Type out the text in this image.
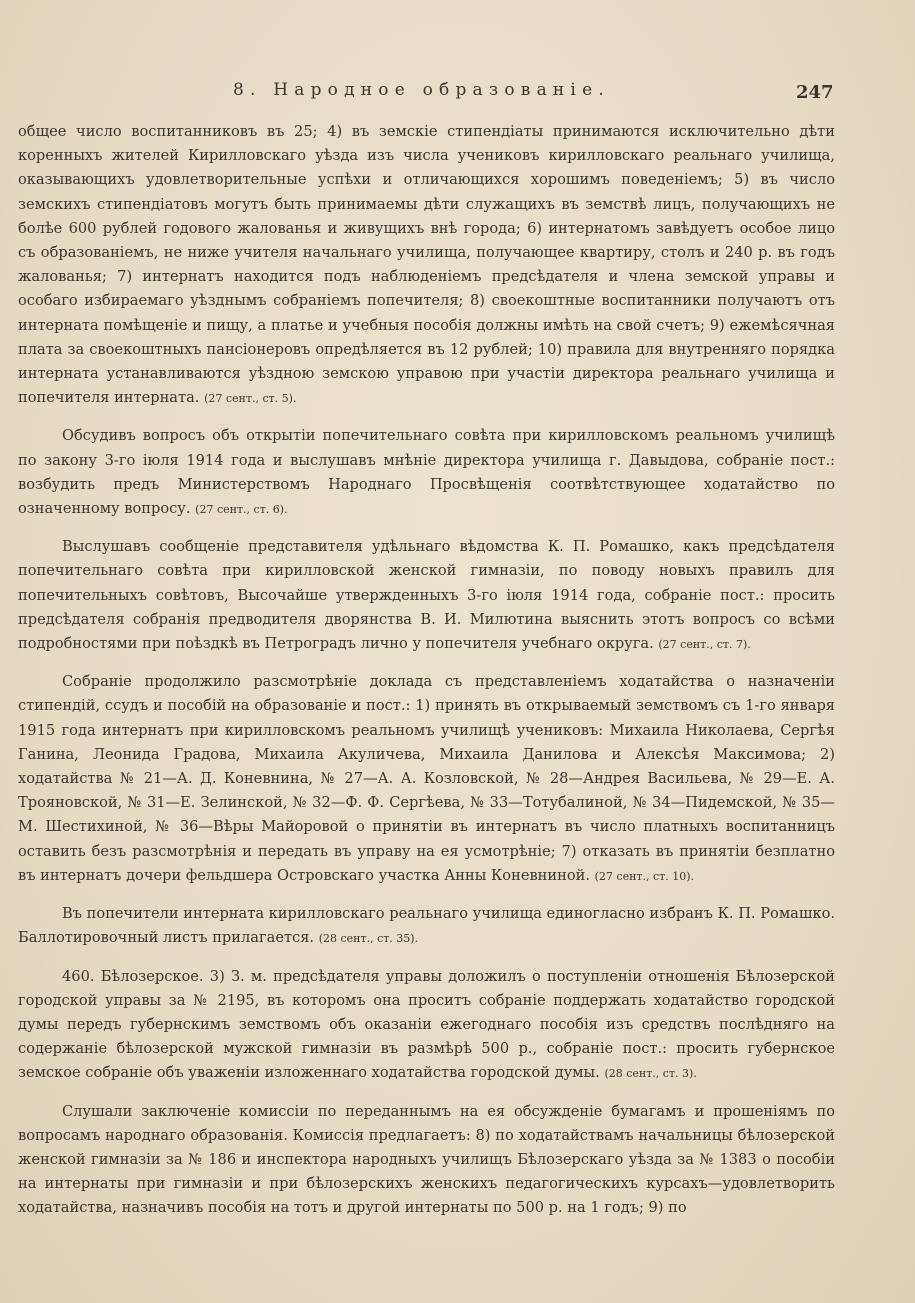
8. Народное образованіе.	247

общее число воспитанниковъ въ 25; 4) въ земскіе стипендіаты принимаются исключительно дѣти коренныхъ жителей Кирилловскаго уѣзда изъ числа учениковъ кирилловскаго реальнаго училища, оказывающихъ удовлетворительные успѣхи и отличающихся хорошимъ поведеніемъ; 5) въ число земскихъ стипендіатовъ могутъ быть принимаемы дѣти служащихъ въ земствѣ лицъ, получающихъ не болѣе 600 рублей годового жалованья и живущихъ внѣ города; 6) интернатомъ завѣдуетъ особое лицо съ образованіемъ, не ниже учителя начальнаго училища, получающее квартиру, столъ и 240 р. въ годъ жалованья; 7) интернатъ находится подъ наблюденіемъ предсѣдателя и члена земской управы и особаго избираемаго уѣзднымъ собраніемъ попечителя; 8) своекоштные воспитанники получаютъ отъ интерната помѣщеніе и пищу, а платье и учебныя пособія должны имѣть на свой счетъ; 9) ежемѣсячная плата за своекоштныхъ пансіонеровъ опредѣляется въ 12 рублей; 10) правила для внутренняго порядка интерната устанавливаются уѣздною земскою управою при участіи директора реальнаго училища и попечителя интерната. (27 сент., ст. 5).

Обсудивъ вопросъ объ открытіи попечительнаго совѣта при кирилловскомъ реальномъ училищѣ по закону 3-го іюля 1914 года и выслушавъ мнѣніе директора училища г. Давыдова, собраніе пост.: возбудить предъ Министерствомъ Народнаго Просвѣщенія соотвѣтствующее ходатайство по означенному вопросу. (27 сент., ст. 6).

Выслушавъ сообщеніе представителя удѣльнаго вѣдомства К. П. Ромашко, какъ предсѣдателя попечительнаго совѣта при кирилловской женской гимназіи, по поводу новыхъ правилъ для попечительныхъ совѣтовъ, Высочайше утвержденныхъ 3-го іюля 1914 года, собраніе пост.: просить предсѣдателя собранія предводителя дворянства В. И. Милютина выяснить этотъ вопросъ со всѣми подробностями при поѣздкѣ въ Петроградъ лично у попечителя учебнаго округа. (27 сент., ст. 7).

Собраніе продолжило разсмотрѣніе доклада съ представленіемъ ходатайства о назначеніи стипендій, ссудъ и пособій на образованіе и пост.: 1) принять въ открываемый земствомъ съ 1-го января 1915 года интернатъ при кирилловскомъ реальномъ училищѣ учениковъ: Михаила Николаева, Сергѣя Ганина, Леонида Градова, Михаила Акуличева, Михаила Данилова и Алексѣя Максимова; 2) ходатайства № 21—А. Д. Коневнина, № 27—А. А. Козловской, № 28—Андрея Васильева, № 29—Е. А. Трояновской, № 31—Е. Зелинской, № 32—Ф. Ф. Сергѣева, № 33—Тотубалиной, № 34—Пидемской, № 35—М. Шестихиной, № 36—Вѣры Майоровой о принятіи въ интернатъ въ число платныхъ воспитанницъ оставить безъ разсмотрѣнія и передать въ управу на ея усмотрѣніе; 7) отказать въ принятіи безплатно въ интернатъ дочери фельдшера Островскаго участка Анны Коневниной. (27 сент., ст. 10).

Въ попечители интерната кирилловскаго реальнаго училища единогласно избранъ К. П. Ромашко. Баллотировочный листъ прилагается. (28 сент., ст. 35).

460. Бѣлозерское. 3) З. м. предсѣдателя управы доложилъ о поступленіи отношенія Бѣлозерской городской управы за № 2195, въ которомъ она проситъ собраніе поддержать ходатайство городской думы передъ губернскимъ земствомъ объ оказаніи ежегоднаго пособія изъ средствъ послѣдняго на содержаніе бѣлозерской мужской гимназіи въ размѣрѣ 500 р., собраніе пост.: просить губернское земское собраніе объ уваженіи изложеннаго ходатайства городской думы. (28 сент., ст. 3).

Слушали заключеніе комиссіи по переданнымъ на ея обсужденіе бумагамъ и прошеніямъ по вопросамъ народнаго образованія. Комиссія предлагаетъ: 8) по ходатайствамъ начальницы бѣлозерской женской гимназіи за № 186 и инспектора народныхъ училищъ Бѣлозерскаго уѣзда за № 1383 о пособіи на интернаты при гимназіи и при бѣлозерскихъ женскихъ педагогическихъ курсахъ—удовлетворить ходатайства, назначивъ пособія на тотъ и другой интернаты по 500 р. на 1 годъ; 9) по
